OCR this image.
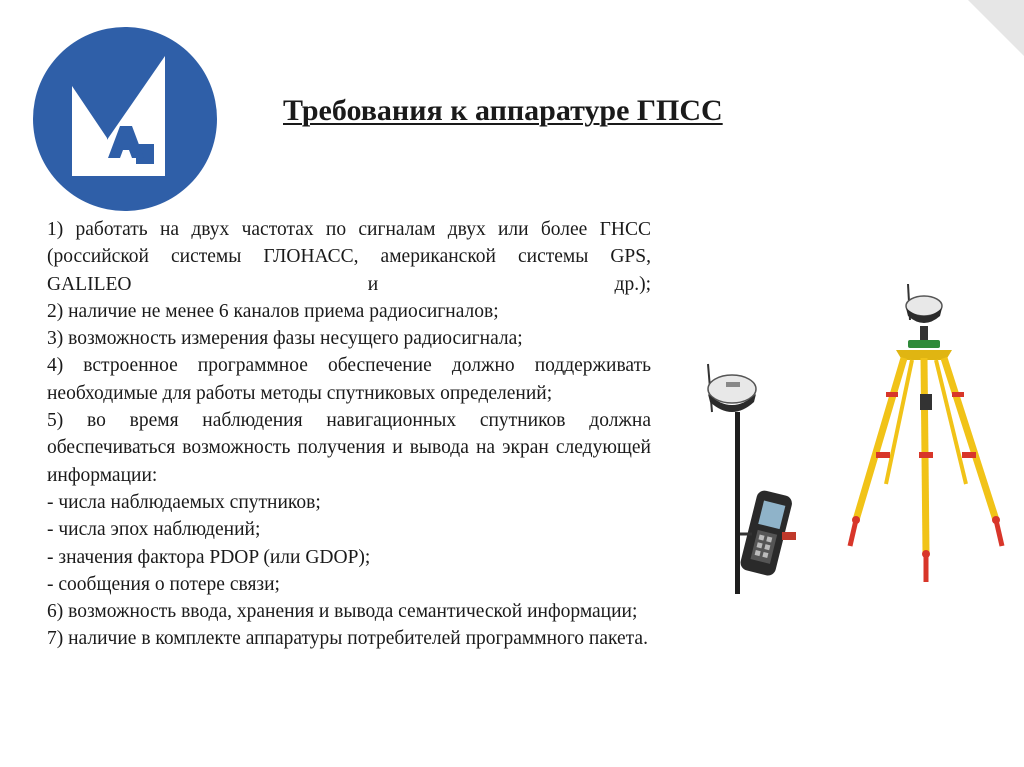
Требования к аппаратуре ГПСС

1) работать на двух частотах по сигналам двух или более ГНСС (российской системы ГЛОНАСС, американской системы GPS, GALILEO и др.);

2) наличие не менее 6 каналов приема радиосигналов;

3) возможность измерения фазы несущего радиосигнала;

4) встроенное программное обеспечение должно поддерживать необходимые для работы методы спутниковых определений;

5) во время наблюдения навигационных спутников должна обеспечиваться возможность получения и вывода на экран следующей информации:

- числа наблюдаемых спутников;

- числа эпох наблюдений;

- значения фактора PDOP (или GDOP);

- сообщения о потере связи;

6) возможность ввода, хранения и вывода семантической информации;

7) наличие в комплекте аппаратуры потребителей программного пакета.
